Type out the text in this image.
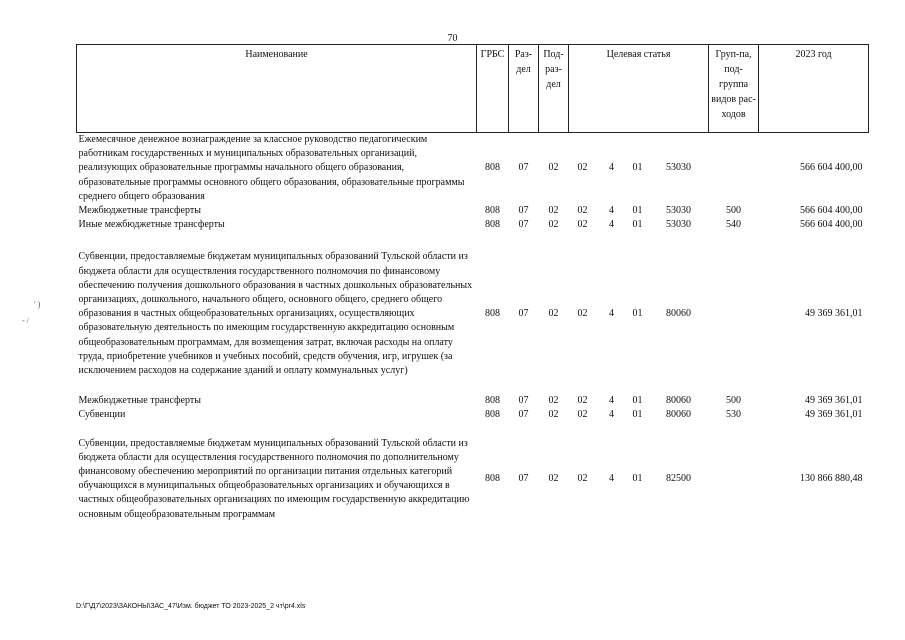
70
Наименование	ГРБС	Раз-дел	Под-раз-дел	Целевая статья				Груп-па, под-группа видов рас-ходов	2023 год
Ежемесячное денежное вознаграждение за классное руководство педагогическим работникам государственных и муниципальных образовательных организаций, реализующих образовательные программы начального общего образования, образовательные программы основного общего образования, образовательные программы среднего общего образования	808	07	02	02	4	01	53030		566 604 400,00
Межбюджетные трансферты	808	07	02	02	4	01	53030	500	566 604 400,00
Иные межбюджетные трансферты	808	07	02	02	4	01	53030	540	566 604 400,00

Субвенции, предоставляемые бюджетам муниципальных образований Тульской области из бюджета области для осуществления государственного полномочия по финансовому обеспечению получения дошкольного образования в частных дошкольных образовательных организациях, дошкольного, начального общего, основного общего, среднего общего образования в частных общеобразовательных организациях, осуществляющих образовательную деятельность по имеющим государственную аккредитацию основным общеобразовательным программам, для возмещения затрат, включая расходы на оплату труда, приобретение учебников и учебных пособий, средств обучения, игр, игрушек (за исключением расходов на содержание зданий и оплату коммунальных услуг)	808	07	02	02	4	01	80060		49 369 361,01

Межбюджетные трансферты	808	07	02	02	4	01	80060	500	49 369 361,01
Субвенции	808	07	02	02	4	01	80060	530	49 369 361,01

Субвенции, предоставляемые бюджетам муниципальных образований Тульской области из бюджета области для осуществления государственного полномочия по дополнительному финансовому обеспечению мероприятий по организации питания отдельных категорий обучающихся в муниципальных общеобразовательных организациях и обучающихся в частных общеобразовательных организациях по имеющим государственную аккредитацию основным общеобразовательным программам	808	07	02	02	4	01	82500		130 866 880,48
′ )
- /
D:\Г\Д7\2023\ЗАКОНЫ\ЗАС_47\Изм. бюджет ТО 2023-2025_2 чт\pr4.xls
